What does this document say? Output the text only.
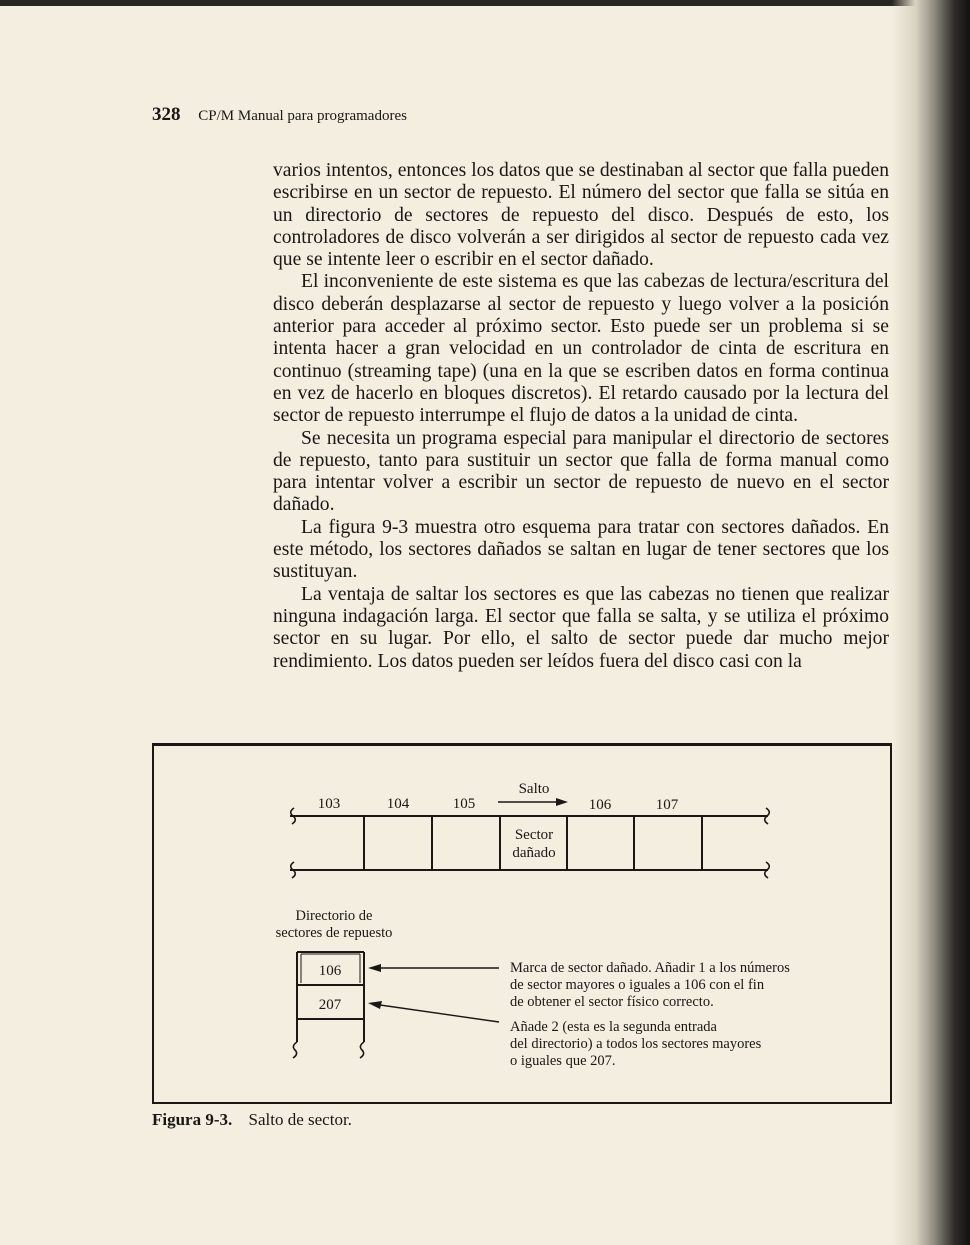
328 CP/M Manual para programadores

varios intentos, entonces los datos que se destinaban al sector que falla pueden escribirse en un sector de repuesto. El número del sector que falla se sitúa en un directorio de sectores de repuesto del disco. Después de esto, los controladores de disco volverán a ser dirigidos al sector de repuesto cada vez que se intente leer o escribir en el sector dañado.

El inconveniente de este sistema es que las cabezas de lectura/escritura del disco deberán desplazarse al sector de repuesto y luego volver a la posición anterior para acceder al próximo sector. Esto puede ser un problema si se intenta hacer a gran velocidad en un controlador de cinta de escritura en continuo (streaming tape) (una en la que se escriben datos en forma continua en vez de hacerlo en bloques discretos). El retardo causado por la lectura del sector de repuesto interrumpe el flujo de datos a la unidad de cinta.

Se necesita un programa especial para manipular el directorio de sectores de repuesto, tanto para sustituir un sector que falla de forma manual como para intentar volver a escribir un sector de repuesto de nuevo en el sector dañado.

La figura 9-3 muestra otro esquema para tratar con sectores dañados. En este método, los sectores dañados se saltan en lugar de tener sectores que los sustituyan.

La ventaja de saltar los sectores es que las cabezas no tienen que realizar ninguna indagación larga. El sector que falla se salta, y se utiliza el próximo sector en su lugar. Por ello, el salto de sector puede dar mucho mejor rendimiento. Los datos pueden ser leídos fuera del disco casi con la

103	104	105	106	107
Salto
Sector
dañado
Directorio de
sectores de repuesto
106
207
Marca de sector dañado. Añadir 1 a los números
de sector mayores o iguales a 106 con el fin
de obtener el sector físico correcto.
Añade 2 (esta es la segunda entrada
del directorio) a todos los sectores mayores
o iguales que 207.
Figura 9-3. Salto de sector.
